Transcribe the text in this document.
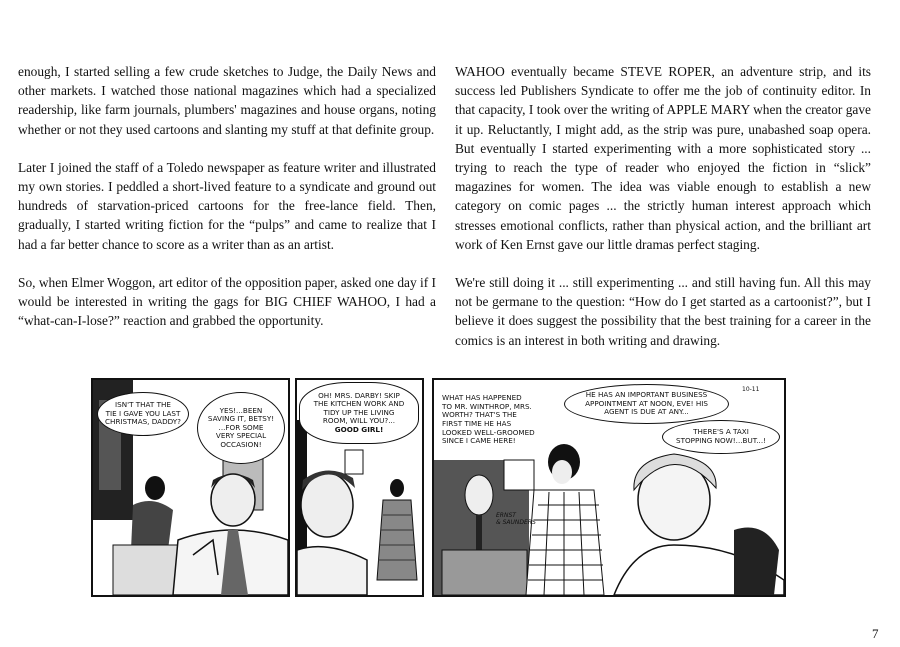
enough, I started selling a few crude sketches to Judge, the Daily News and other markets. I watched those national magazines which had a specialized readership, like farm journals, plumbers' magazines and house organs, noting whether or not they used cartoons and slanting my stuff at that definite group.

Later I joined the staff of a Toledo newspaper as feature writer and illustrated my own stories. I peddled a short-lived feature to a syndicate and ground out hundreds of starvation-priced cartoons for the free-lance field. Then, gradually, I started writing fiction for the “pulps” and came to realize that I had a far better chance to score as a writer than as an artist.

So, when Elmer Woggon, art editor of the opposition paper, asked one day if I would be interested in writing the gags for BIG CHIEF WAHOO, I had a “what-can-I-lose?” reaction and grabbed the opportunity.

WAHOO eventually became STEVE ROPER, an adventure strip, and its success led Publishers Syndicate to offer me the job of continuity editor. In that capacity, I took over the writing of APPLE MARY when the creator gave it up. Reluctantly, I might add, as the strip was pure, unabashed soap opera. But eventually I started experimenting with a more sophisticated story ... trying to reach the type of reader who enjoyed the fiction in “slick” magazines for women. The idea was viable enough to establish a new category on comic pages ... the strictly human interest approach which stresses emotional conflicts, rather than physical action, and the brilliant art work of Ken Ernst gave our little dramas perfect staging.

We're still doing it ... still experimenting ... and still having fun. All this may not be germane to the question: “How do I get started as a cartoonist?”, but I believe it does suggest the possibility that the best training for a career in the comics is an interest in both writing and drawing.

ISN'T THAT THE
TIE I GAVE YOU LAST
CHRISTMAS, DADDY?
YES!...BEEN
SAVING IT, BETSY!
...FOR SOME
VERY SPECIAL
OCCASION!
OH! MRS. DARBY! SKIP
THE KITCHEN WORK AND
TIDY UP THE LIVING
ROOM, WILL YOU?...
GOOD GIRL!
WHAT HAS HAPPENED
TO MR. WINTHROP, MRS.
WORTH? THAT'S THE
FIRST TIME HE HAS
LOOKED WELL-GROOMED
SINCE I CAME HERE!
HE HAS AN IMPORTANT BUSINESS
APPOINTMENT AT NOON, EVE! HIS
AGENT IS DUE AT ANY...
THERE'S A TAXI
STOPPING NOW!...BUT...!
10-11
ERNST
& SAUNDERS
7
